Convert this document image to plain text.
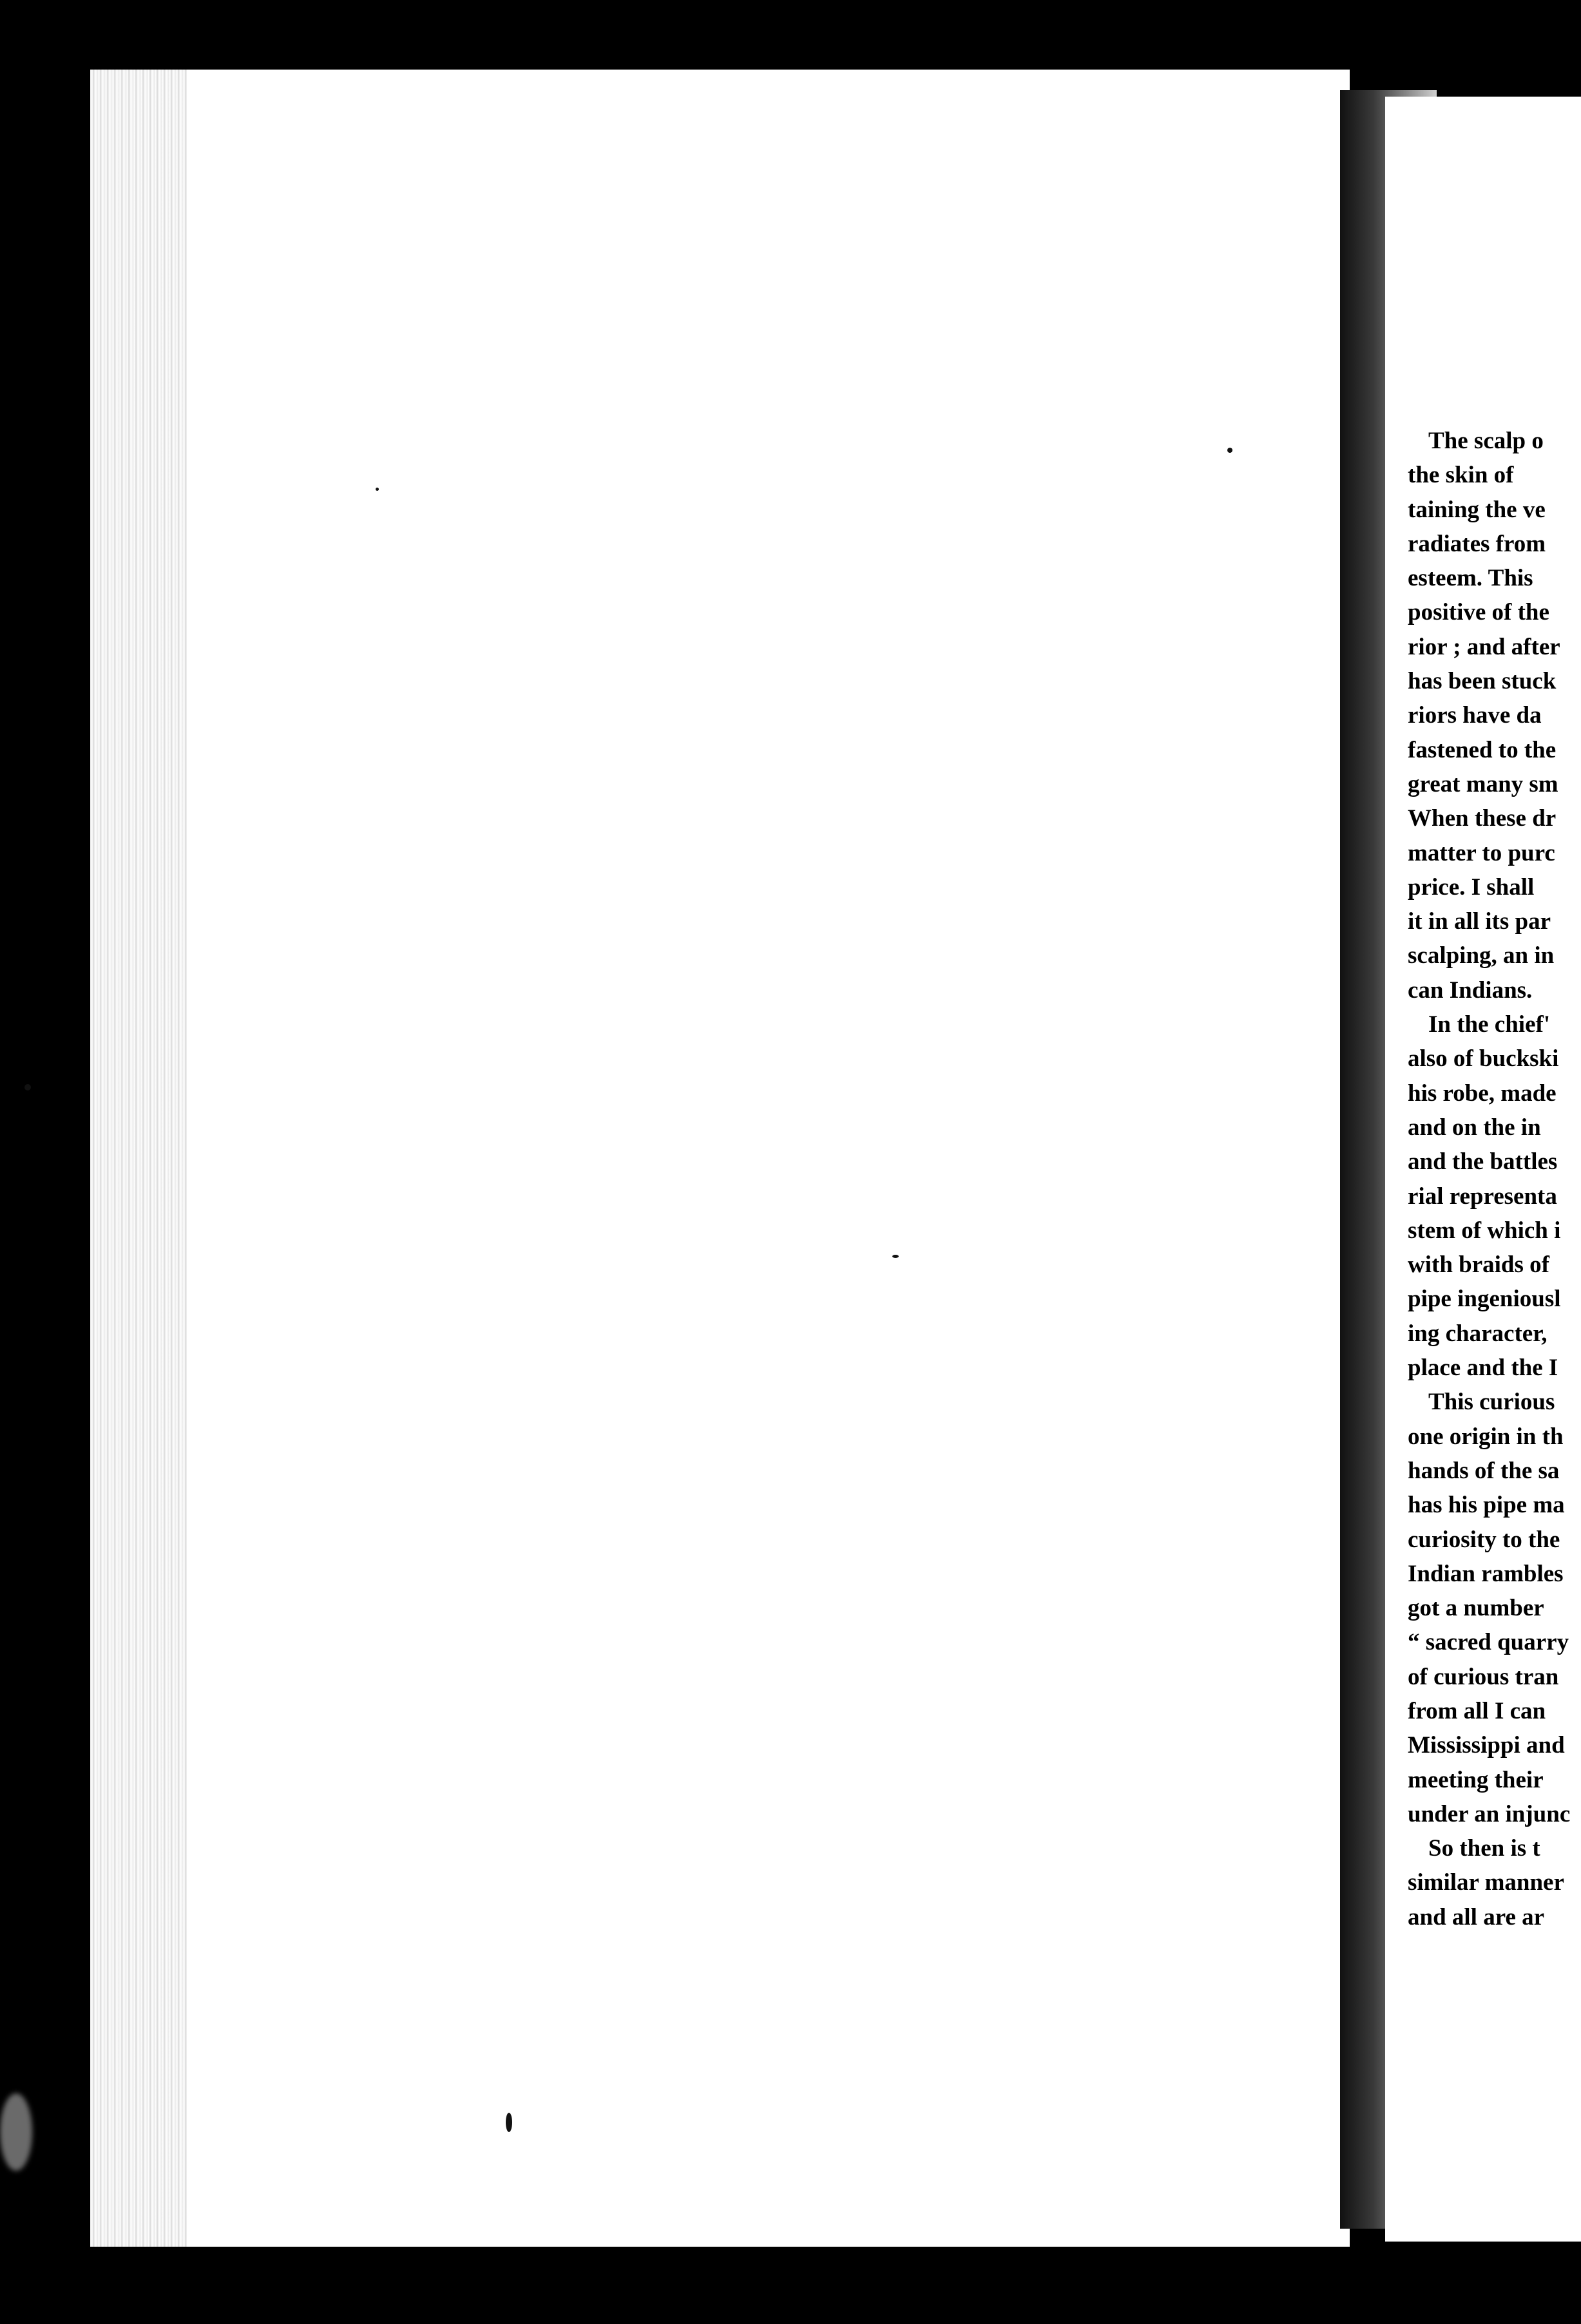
The scalp o
the skin of
taining the ve
radiates from
esteem. This
positive of the
rior ; and after
has been stuck
riors have da
fastened to the
great many sm
When these dr
matter to purc
price. I shall
it in all its par
scalping, an in
can Indians.
In the chief'
also of buckski
his robe, made
and on the in
and the battles
rial representa
stem of which i
with braids of
pipe ingeniousl
ing character,
place and the I
This curious
one origin in th
hands of the sa
has his pipe ma
curiosity to the
Indian rambles
got a number
“ sacred quarry
of curious tran
from all I can
Mississippi and
meeting their
under an injunc
So then is t
similar manner
and all are ar
